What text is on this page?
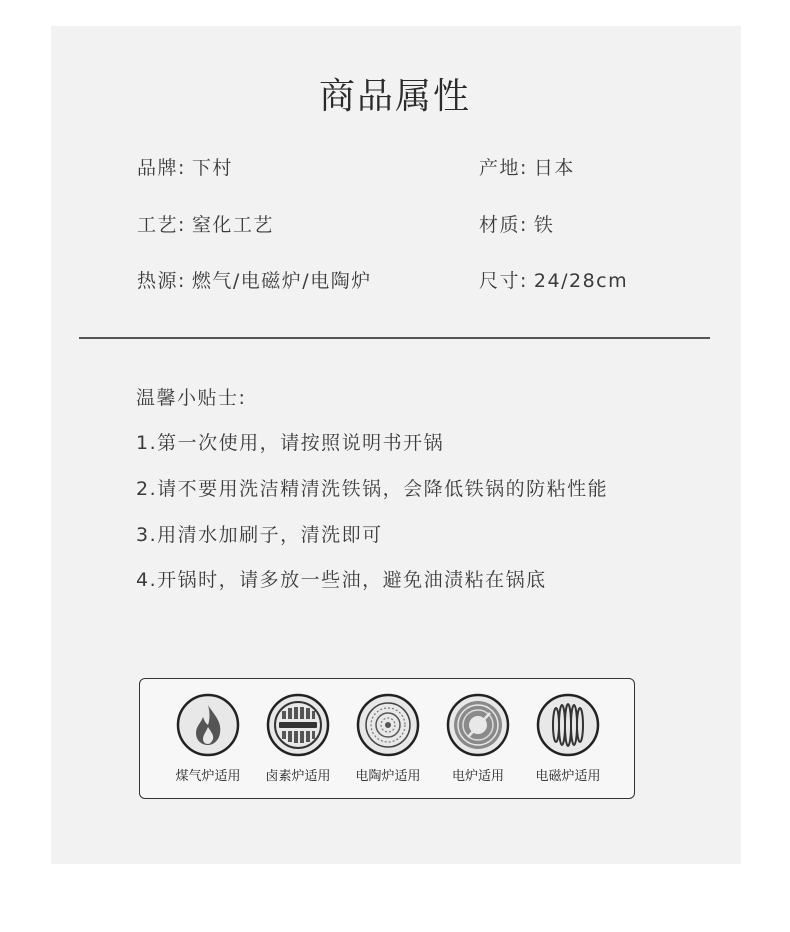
商品属性
品牌: 下村	产地: 日本
工艺: 窒化工艺	材质: 铁
热源: 燃气/电磁炉/电陶炉	尺寸: 24/28cm
温馨小贴士:
1.第一次使用，请按照说明书开锅
2.请不要用洗洁精清洗铁锅，会降低铁锅的防粘性能
3.用清水加刷子，清洗即可
4.开锅时，请多放一些油，避免油渍粘在锅底
煤气炉适用	卤素炉适用	电陶炉适用	电炉适用	电磁炉适用
